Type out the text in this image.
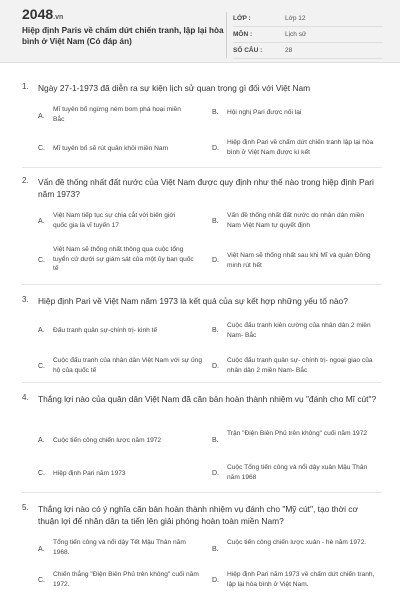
2048.vn
Hiệp định Paris về chấm dứt chiến tranh, lập lại hòa bình ở Việt Nam (Có đáp án)
LỚP :	Lớp 12
MÔN :	Lịch sử
SỐ CÂU :	28
1. Ngày 27-1-1973 đã diễn ra sự kiện lịch sử quan trọng gì đối với Việt Nam
A.
Mĩ tuyên bố ngừng ném bom phá hoại miền Bắc
B. Hội nghị Pari được nối lại
C. Mĩ tuyên bố sẽ rút quân khỏi miền Nam	D.
Hiệp định Pari về chấm dứt chiến tranh lập lại hòa bình ở Việt Nam được kí kết
2. Vấn đề thống nhất đất nước của Việt Nam được quy định như thế nào trong hiệp định Pari năm 1973?
A.
Việt Nam tiếp tục sự chia cắt với biên giới quốc gia là vĩ tuyến 17	B.
Vấn đề thống nhất đất nước do nhân dân miền Nam Việt Nam tự quyết định
C.
Việt Nam sẽ thống nhất thông qua cuộc tổng tuyển cử dưới sự giám sát của một ủy ban quốc tế
D.
Việt Nam sẽ thống nhất sau khi Mĩ và quân Đồng minh rút hết
3. Hiệp định Pari về Việt Nam năm 1973 là kết quả của sự kết hợp những yếu tố nào?
A. Đấu tranh quân sự-chính trị- kinh tế	B.
Cuộc đấu tranh kiên cường của nhân dân 2 miền Nam- Bắc
C.
Cuộc đấu tranh của nhân dân Việt Nam với sự ủng hộ của quốc tế	D.
Cuộc đấu tranh quân sự- chính trị- ngoại giao của nhân dân 2 miền Nam- Bắc
4. Thắng lợi nào của quân dân Việt Nam đã căn bản hoàn thành nhiệm vụ "đánh cho Mĩ cút"?
A. Cuộc tiến công chiến lược năm 1972	B.
Trận "Điện Biên Phủ trên không" cuối năm 1972
C. Hiệp định Pari năm 1973	D.
Cuộc Tổng tiến công và nổi dậy xuân Mậu Thân năm 1968
5. Thắng lợi nào có ý nghĩa căn bản hoàn thành nhiệm vụ đánh cho "Mỹ cút", tạo thời cơ thuận lợi để nhân dân ta tiến lên giải phóng hoàn toàn miền Nam?
A.
Tổng tiến công và nổi dậy Tết Mậu Thân năm 1968.	B.
Cuộc tiến công chiến lược xuân - hè năm 1972.
C.
Chiến thắng "Điện Biên Phủ trên không" cuối năm 1972.	D.
Hiệp định Pari năm 1973 về chấm dứt chiến tranh, lập lại hòa bình ở Việt Nam.
